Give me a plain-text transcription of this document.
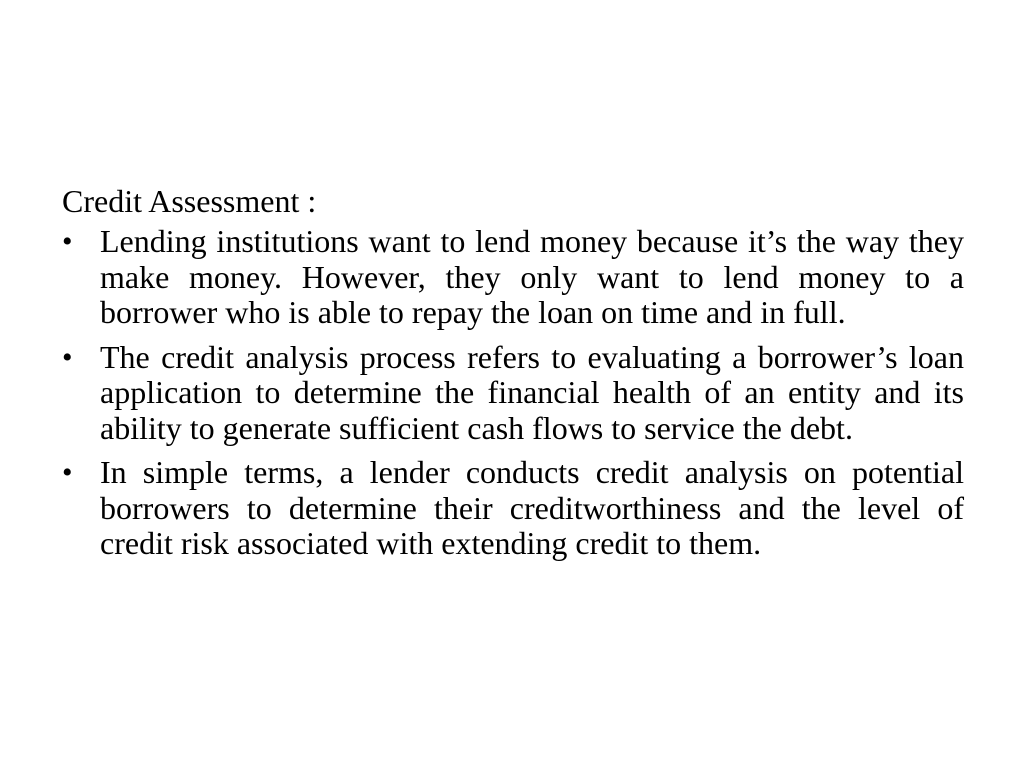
Credit Assessment :
• Lending institutions want to lend money because it’s the way they make money. However, they only want to lend money to a borrower who is able to repay the loan on time and in full.
• The credit analysis process refers to evaluating a borrower’s loan application to determine the financial health of an entity and its ability to generate sufficient cash flows to service the debt.
• In simple terms, a lender conducts credit analysis on potential borrowers to determine their creditworthiness and the level of credit risk associated with extending credit to them.
